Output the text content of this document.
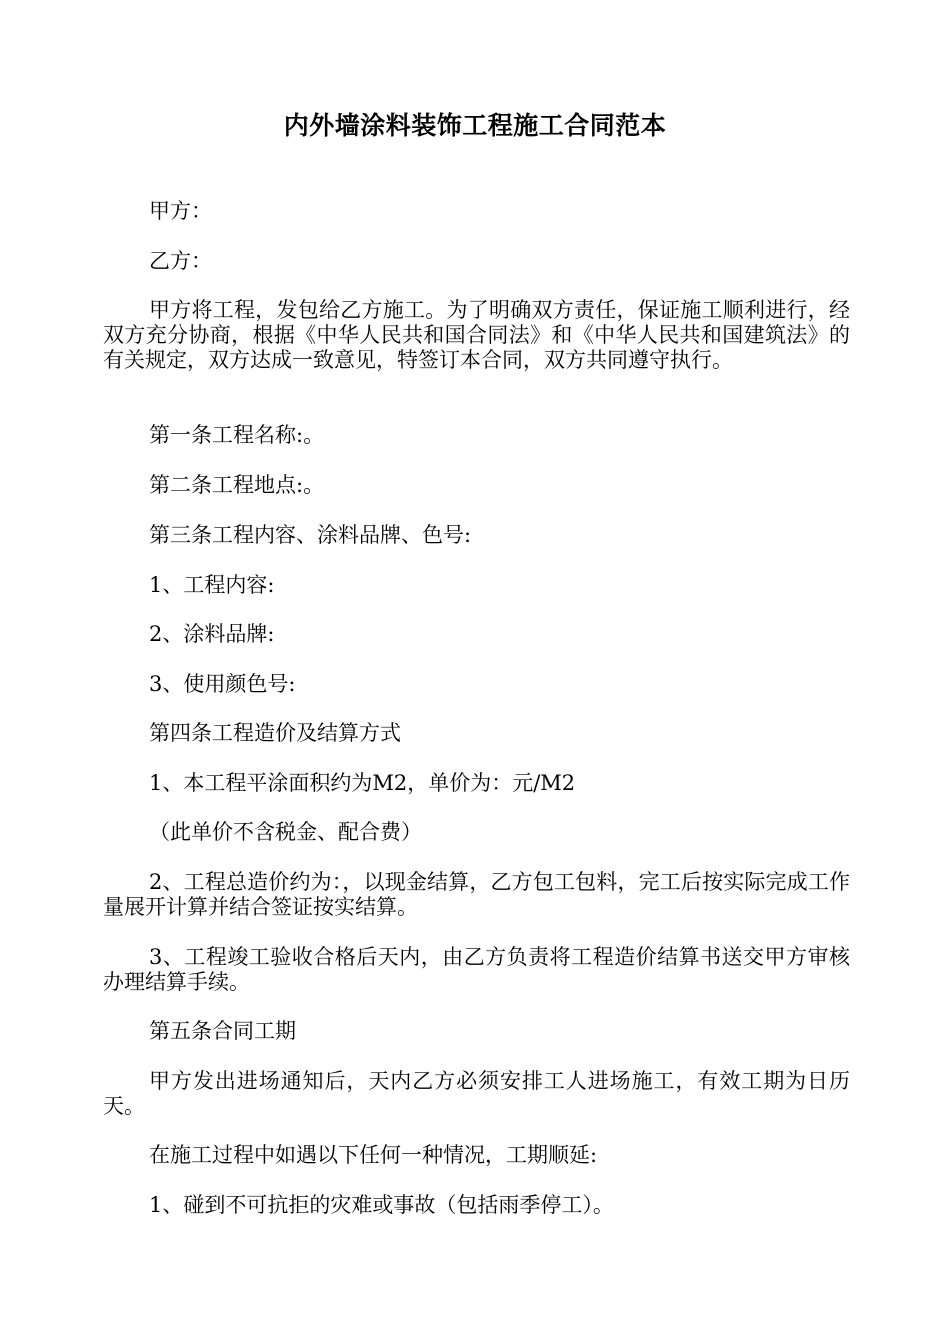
内外墙涂料装饰工程施工合同范本

甲方：

乙方：

甲方将工程，发包给乙方施工。为了明确双方责任，保证施工顺利进行，经双方充分协商，根据《中华人民共和国合同法》和《中华人民共和国建筑法》的有关规定，双方达成一致意见，特签订本合同，双方共同遵守执行。

第一条工程名称:。

第二条工程地点:。

第三条工程内容、涂料品牌、色号:

1、工程内容:

2、涂料品牌:

3、使用颜色号:

第四条工程造价及结算方式

1、本工程平涂面积约为M2，单价为：元/M2

（此单价不含税金、配合费）

2、工程总造价约为：，以现金结算，乙方包工包料，完工后按实际完成工作量展开计算并结合签证按实结算。

3、工程竣工验收合格后天内，由乙方负责将工程造价结算书送交甲方审核办理结算手续。

第五条合同工期

甲方发出进场通知后，天内乙方必须安排工人进场施工，有效工期为日历天。

在施工过程中如遇以下任何一种情况，工期顺延:

1、碰到不可抗拒的灾难或事故（包括雨季停工）。
